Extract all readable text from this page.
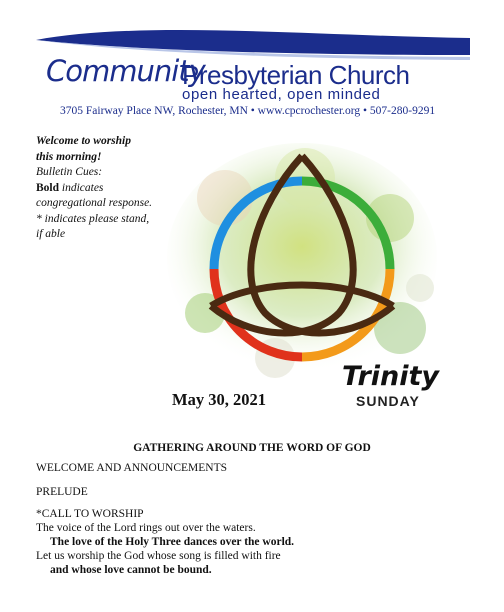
Community
Presbyterian Church
open hearted, open minded
3705 Fairway Place NW, Rochester, MN • www.cpcrochester.org • 507-280-9291
Welcome to worship
this morning!
Bulletin Cues:
Bold indicates
congregational response.
* indicates please stand,
if able
May 30, 2021
Trinity
SUNDAY
GATHERING AROUND THE WORD OF GOD
WELCOME AND ANNOUNCEMENTS
PRELUDE
*CALL TO WORSHIP
The voice of the Lord rings out over the waters.
The love of the Holy Three dances over the world.
Let us worship the God whose song is filled with fire
and whose love cannot be bound.
